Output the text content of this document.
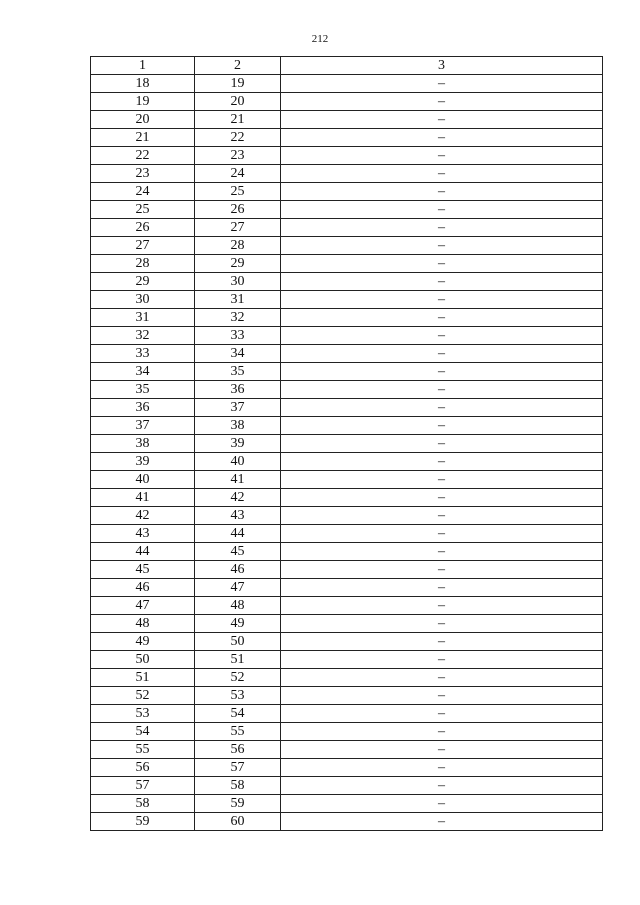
212
1	2	3
18	19	–
19	20	–
20	21	–
21	22	–
22	23	–
23	24	–
24	25	–
25	26	–
26	27	–
27	28	–
28	29	–
29	30	–
30	31	–
31	32	–
32	33	–
33	34	–
34	35	–
35	36	–
36	37	–
37	38	–
38	39	–
39	40	–
40	41	–
41	42	–
42	43	–
43	44	–
44	45	–
45	46	–
46	47	–
47	48	–
48	49	–
49	50	–
50	51	–
51	52	–
52	53	–
53	54	–
54	55	–
55	56	–
56	57	–
57	58	–
58	59	–
59	60	–
